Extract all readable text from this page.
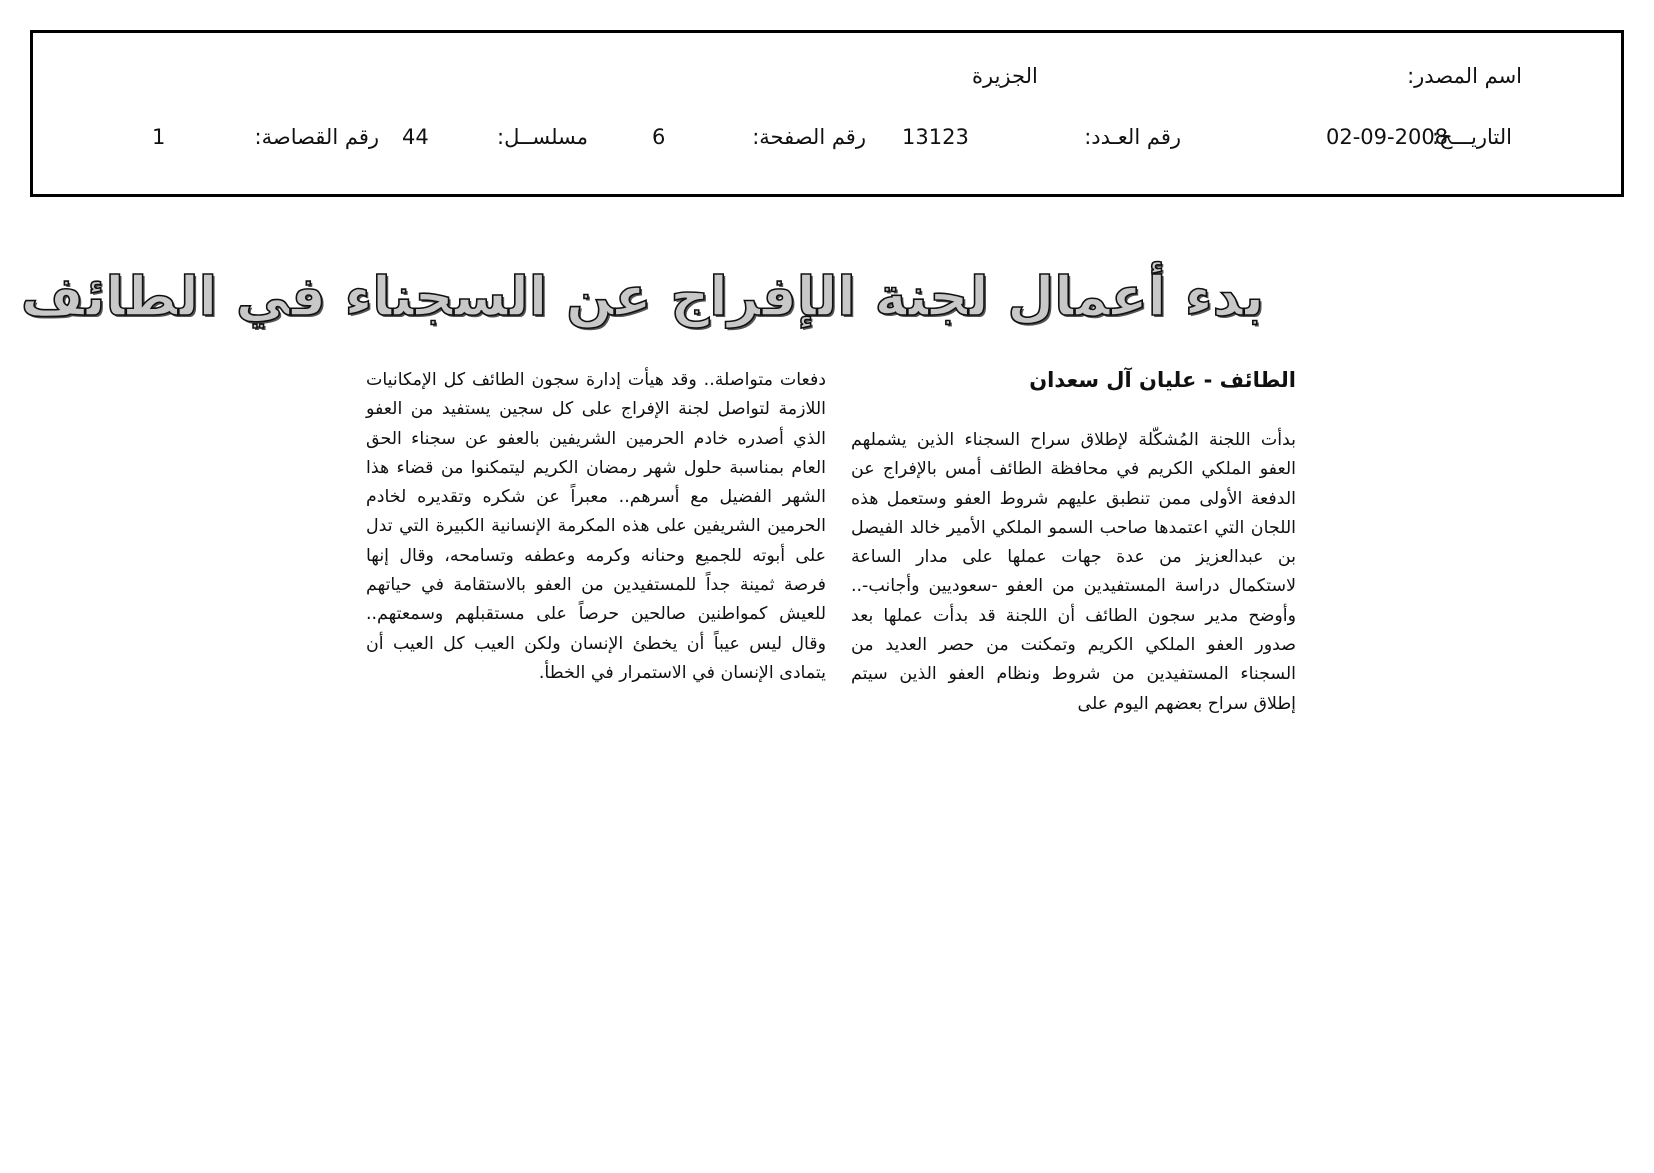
اسم المصدر:
الجزيرة
التاريـــخ:
02-09-2008
رقم العـدد:
13123
رقم الصفحة:
6
مسلســل:
44
رقم القصاصة:
1
بدء أعمال لجنة الإفراج عن السجناء في الطائف
الطائف - عليان آل سعدان
بدأت اللجنة المُشكّلة لإطلاق سراح السجناء الذين يشملهم العفو الملكي الكريم في محافظة الطائف أمس بالإفراج عن الدفعة الأولى ممن تنطبق عليهم شروط العفو وستعمل هذه اللجان التي اعتمدها صاحب السمو الملكي الأمير خالد الفيصل بن عبدالعزيز من عدة جهات عملها على مدار الساعة لاستكمال دراسة المستفيدين من العفو -سعوديين وأجانب-.. وأوضح مدير سجون الطائف أن اللجنة قد بدأت عملها بعد صدور العفو الملكي الكريم وتمكنت من حصر العديد من السجناء المستفيدين من شروط ونظام العفو الذين سيتم إطلاق سراح بعضهم اليوم على
دفعات متواصلة.. وقد هيأت إدارة سجون الطائف كل الإمكانيات اللازمة لتواصل لجنة الإفراج على كل سجين يستفيد من العفو الذي أصدره خادم الحرمين الشريفين بالعفو عن سجناء الحق العام بمناسبة حلول شهر رمضان الكريم ليتمكنوا من قضاء هذا الشهر الفضيل مع أسرهم.. معبراً عن شكره وتقديره لخادم الحرمين الشريفين على هذه المكرمة الإنسانية الكبيرة التي تدل على أبوته للجميع وحنانه وكرمه وعطفه وتسامحه، وقال إنها فرصة ثمينة جداً للمستفيدين من العفو بالاستقامة في حياتهم للعيش كمواطنين صالحين حرصاً على مستقبلهم وسمعتهم.. وقال ليس عيباً أن يخطئ الإنسان ولكن العيب كل العيب أن يتمادى الإنسان في الاستمرار في الخطأ.
